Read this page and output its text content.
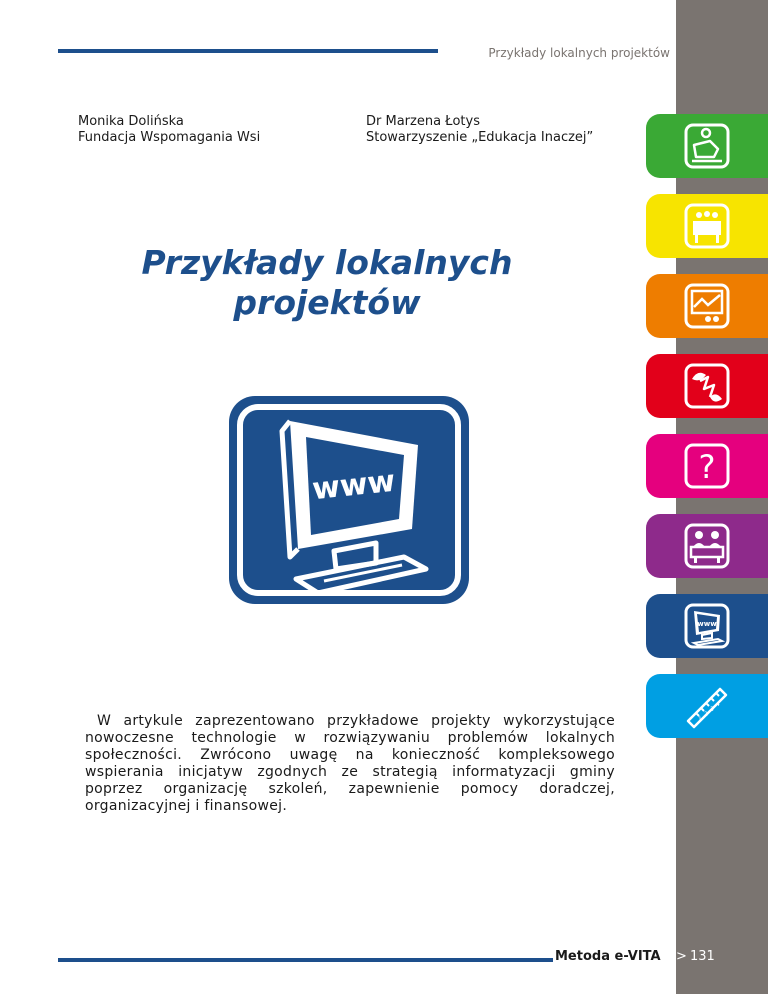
Przykłady lokalnych projektów
Monika Dolińska
Fundacja Wspomagania Wsi
Dr Marzena Łotys
Stowarzyszenie „Edukacja Inaczej”
Przykłady lokalnych
projektów
www
W artykule zaprezentowano przykładowe projekty wykorzystujące nowoczesne technologie w rozwiązywaniu problemów lokalnych społeczności. Zwrócono uwagę na konieczność kompleksowego wspierania inicjatyw zgodnych ze strategią informatyzacji gminy poprzez organizację szkoleń, zapewnienie pomocy doradczej, organizacyjnej i finansowej.
?
www
1
2
3
4
Metoda e-VITA	> 131
